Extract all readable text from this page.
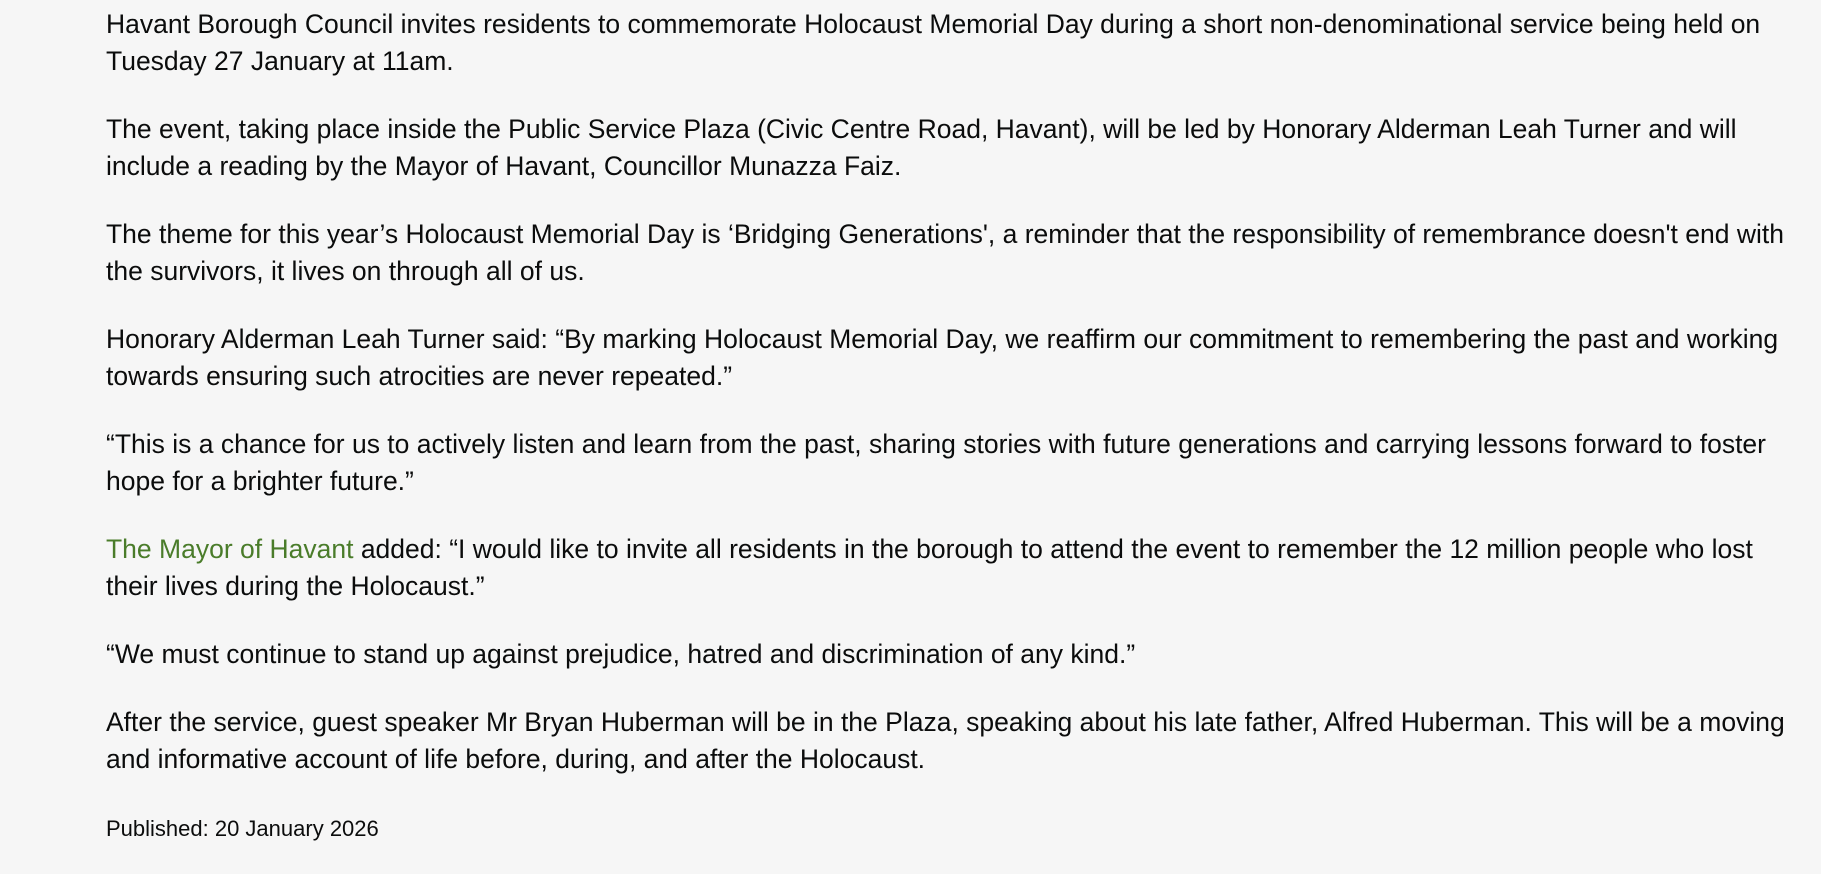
Havant Borough Council invites residents to commemorate Holocaust Memorial Day during a short non-denominational service being held on Tuesday 27 January at 11am.

The event, taking place inside the Public Service Plaza (Civic Centre Road, Havant), will be led by Honorary Alderman Leah Turner and will include a reading by the Mayor of Havant, Councillor Munazza Faiz.

The theme for this year’s Holocaust Memorial Day is ‘Bridging Generations', a reminder that the responsibility of remembrance doesn't end with the survivors, it lives on through all of us.

Honorary Alderman Leah Turner said: “By marking Holocaust Memorial Day, we reaffirm our commitment to remembering the past and working towards ensuring such atrocities are never repeated.”

“This is a chance for us to actively listen and learn from the past, sharing stories with future generations and carrying lessons forward to foster hope for a brighter future.”

The Mayor of Havant added: “I would like to invite all residents in the borough to attend the event to remember the 12 million people who lost their lives during the Holocaust.”

“We must continue to stand up against prejudice, hatred and discrimination of any kind.”

After the service, guest speaker Mr Bryan Huberman will be in the Plaza, speaking about his late father, Alfred Huberman. This will be a moving and informative account of life before, during, and after the Holocaust.

Published: 20 January 2026
